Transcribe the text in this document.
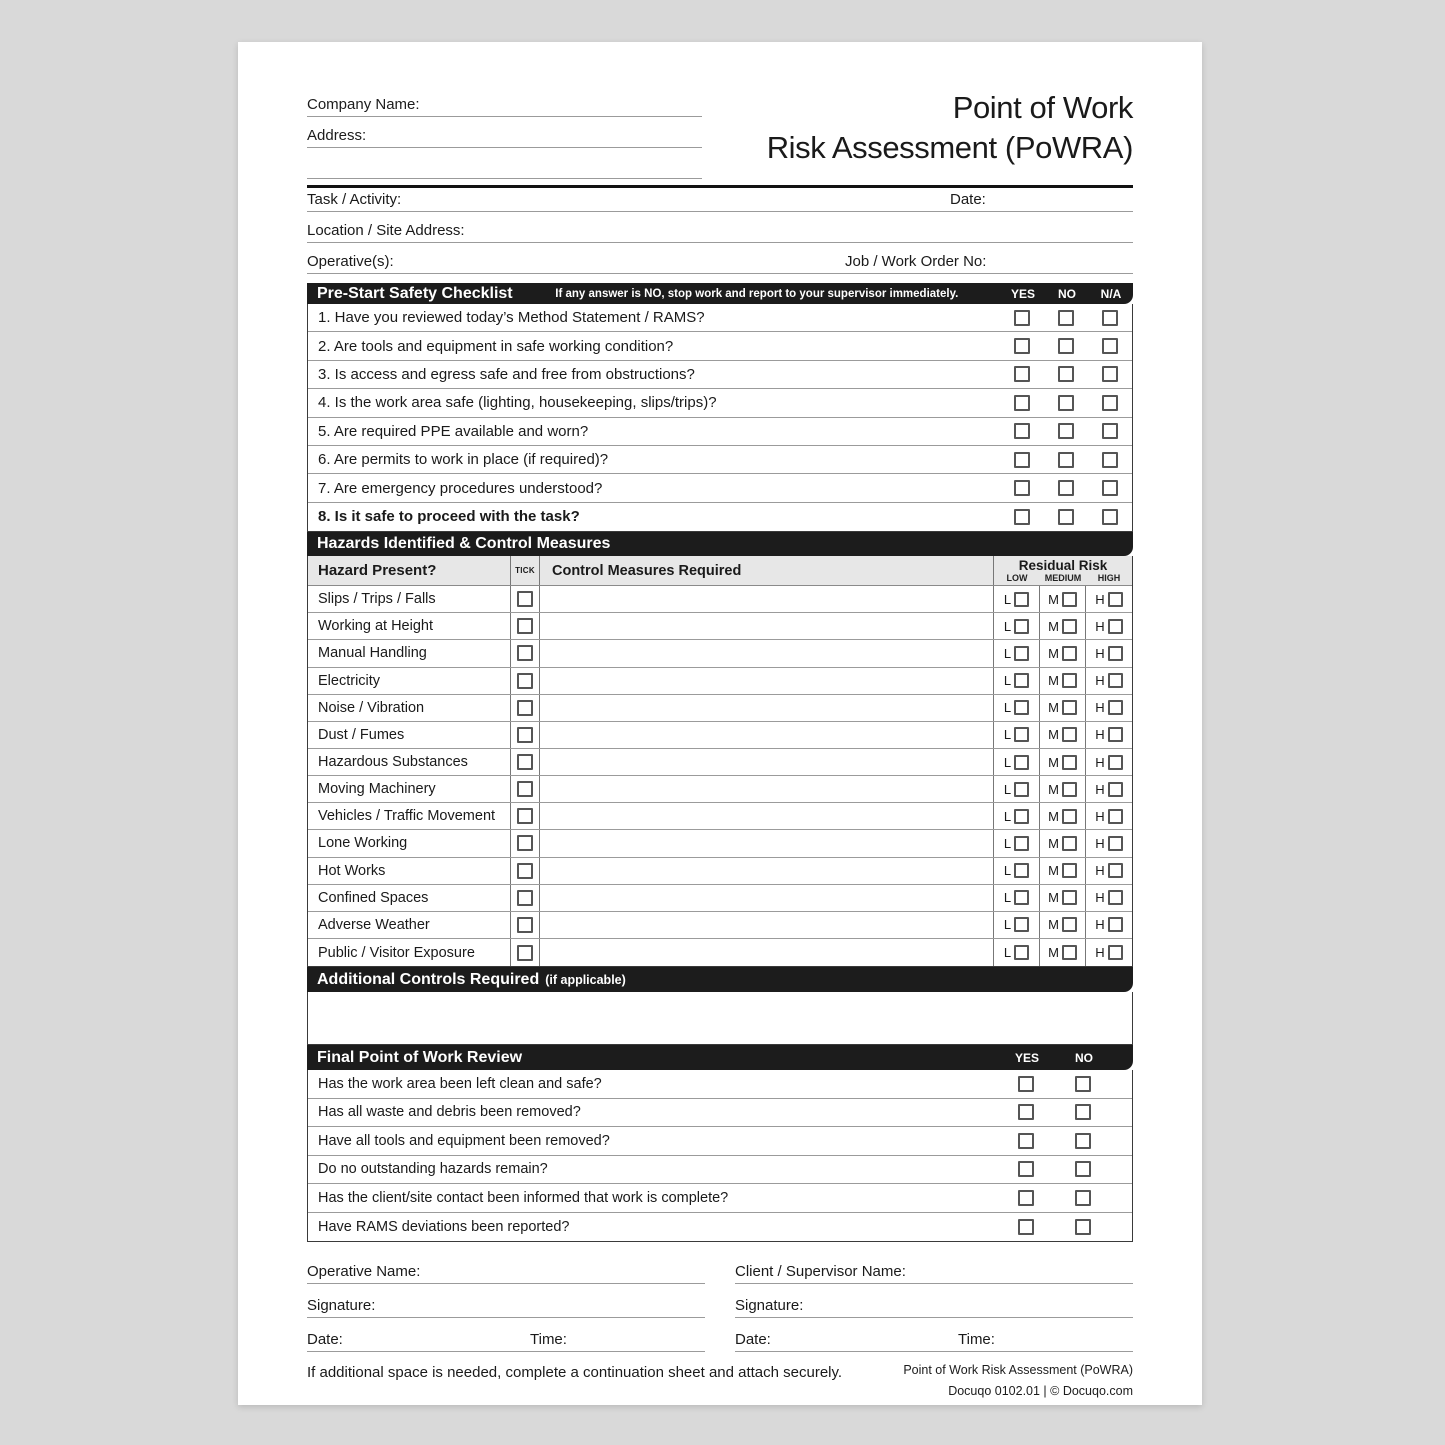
Company Name:
Address:
Point of Work
Risk Assessment (PoWRA)
Task / Activity:	Date:
Location / Site Address:
Operative(s):	Job / Work Order No:
Pre-Start Safety Checklist	If any answer is NO, stop work and report to your supervisor immediately.	YES	NO	N/A
1. Have you reviewed today’s Method Statement / RAMS?
2. Are tools and equipment in safe working condition?
3. Is access and egress safe and free from obstructions?
4. Is the work area safe (lighting, housekeeping, slips/trips)?
5. Are required PPE available and worn?
6. Are permits to work in place (if required)?
7. Are emergency procedures understood?
8. Is it safe to proceed with the task?
Hazards Identified & Control Measures
Hazard Present?	TICK	Control Measures Required	Residual Risk
LOW	MEDIUM	HIGH
Slips / Trips / Falls	L	M	H
Working at Height	L	M	H
Manual Handling	L	M	H
Electricity	L	M	H
Noise / Vibration	L	M	H
Dust / Fumes	L	M	H
Hazardous Substances	L	M	H
Moving Machinery	L	M	H
Vehicles / Traffic Movement	L	M	H
Lone Working	L	M	H
Hot Works	L	M	H
Confined Spaces	L	M	H
Adverse Weather	L	M	H
Public / Visitor Exposure	L	M	H
Additional Controls Required (if applicable)
Final Point of Work Review	YES	NO
Has the work area been left clean and safe?
Has all waste and debris been removed?
Have all tools and equipment been removed?
Do no outstanding hazards remain?
Has the client/site contact been informed that work is complete?
Have RAMS deviations been reported?
Operative Name:
Signature:
Date:	Time:
Client / Supervisor Name:
Signature:
Date:	Time:
If additional space is needed, complete a continuation sheet and attach securely.	Point of Work Risk Assessment (PoWRA)
Docuqo 0102.01 | © Docuqo.com
